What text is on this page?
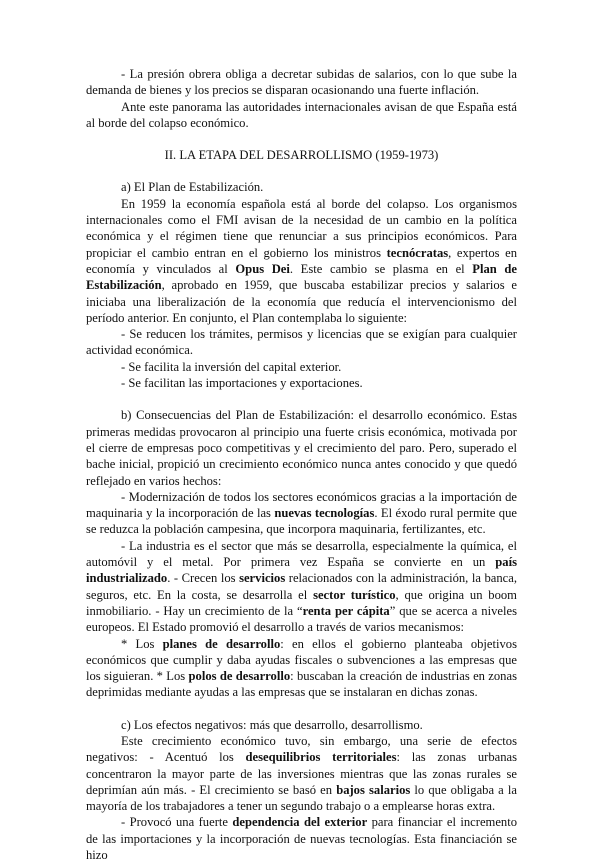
- La presión obrera obliga a decretar subidas de salarios, con lo que sube la demanda de bienes y los precios se disparan ocasionando una fuerte inflación.

Ante este panorama las autoridades internacionales avisan de que España está al borde del colapso económico.

II. LA ETAPA DEL DESARROLLISMO (1959-1973)

a) El Plan de Estabilización.

En 1959 la economía española está al borde del colapso. Los organismos internacionales como el FMI avisan de la necesidad de un cambio en la política económica y el régimen tiene que renunciar a sus principios económicos. Para propiciar el cambio entran en el gobierno los ministros tecnócratas, expertos en economía y vinculados al Opus Dei. Este cambio se plasma en el Plan de Estabilización, aprobado en 1959, que buscaba estabilizar precios y salarios e iniciaba una liberalización de la economía que reducía el intervencionismo del período anterior. En conjunto, el Plan contemplaba lo siguiente:

- Se reducen los trámites, permisos y licencias que se exigían para cualquier actividad económica.

- Se facilita la inversión del capital exterior.

- Se facilitan las importaciones y exportaciones.

b) Consecuencias del Plan de Estabilización: el desarrollo económico. Estas primeras medidas provocaron al principio una fuerte crisis económica, motivada por el cierre de empresas poco competitivas y el crecimiento del paro. Pero, superado el bache inicial, propició un crecimiento económico nunca antes conocido y que quedó reflejado en varios hechos:

- Modernización de todos los sectores económicos gracias a la importación de maquinaria y la incorporación de las nuevas tecnologías. El éxodo rural permite que se reduzca la población campesina, que incorpora maquinaria, fertilizantes, etc.

- La industria es el sector que más se desarrolla, especialmente la química, el automóvil y el metal. Por primera vez España se convierte en un país industrializado. - Crecen los servicios relacionados con la administración, la banca, seguros, etc. En la costa, se desarrolla el sector turístico, que origina un boom inmobiliario. - Hay un crecimiento de la “renta per cápita” que se acerca a niveles europeos. El Estado promovió el desarrollo a través de varios mecanismos:

* Los planes de desarrollo: en ellos el gobierno planteaba objetivos económicos que cumplir y daba ayudas fiscales o subvenciones a las empresas que los siguieran. * Los polos de desarrollo: buscaban la creación de industrias en zonas deprimidas mediante ayudas a las empresas que se instalaran en dichas zonas.

c) Los efectos negativos: más que desarrollo, desarrollismo.

Este crecimiento económico tuvo, sin embargo, una serie de efectos negativos: - Acentuó los desequilibrios territoriales: las zonas urbanas concentraron la mayor parte de las inversiones mientras que las zonas rurales se deprimían aún más. - El crecimiento se basó en bajos salarios lo que obligaba a la mayoría de los trabajadores a tener un segundo trabajo o a emplearse horas extra.

- Provocó una fuerte dependencia del exterior para financiar el incremento de las importaciones y la incorporación de nuevas tecnologías. Esta financiación se hizo
